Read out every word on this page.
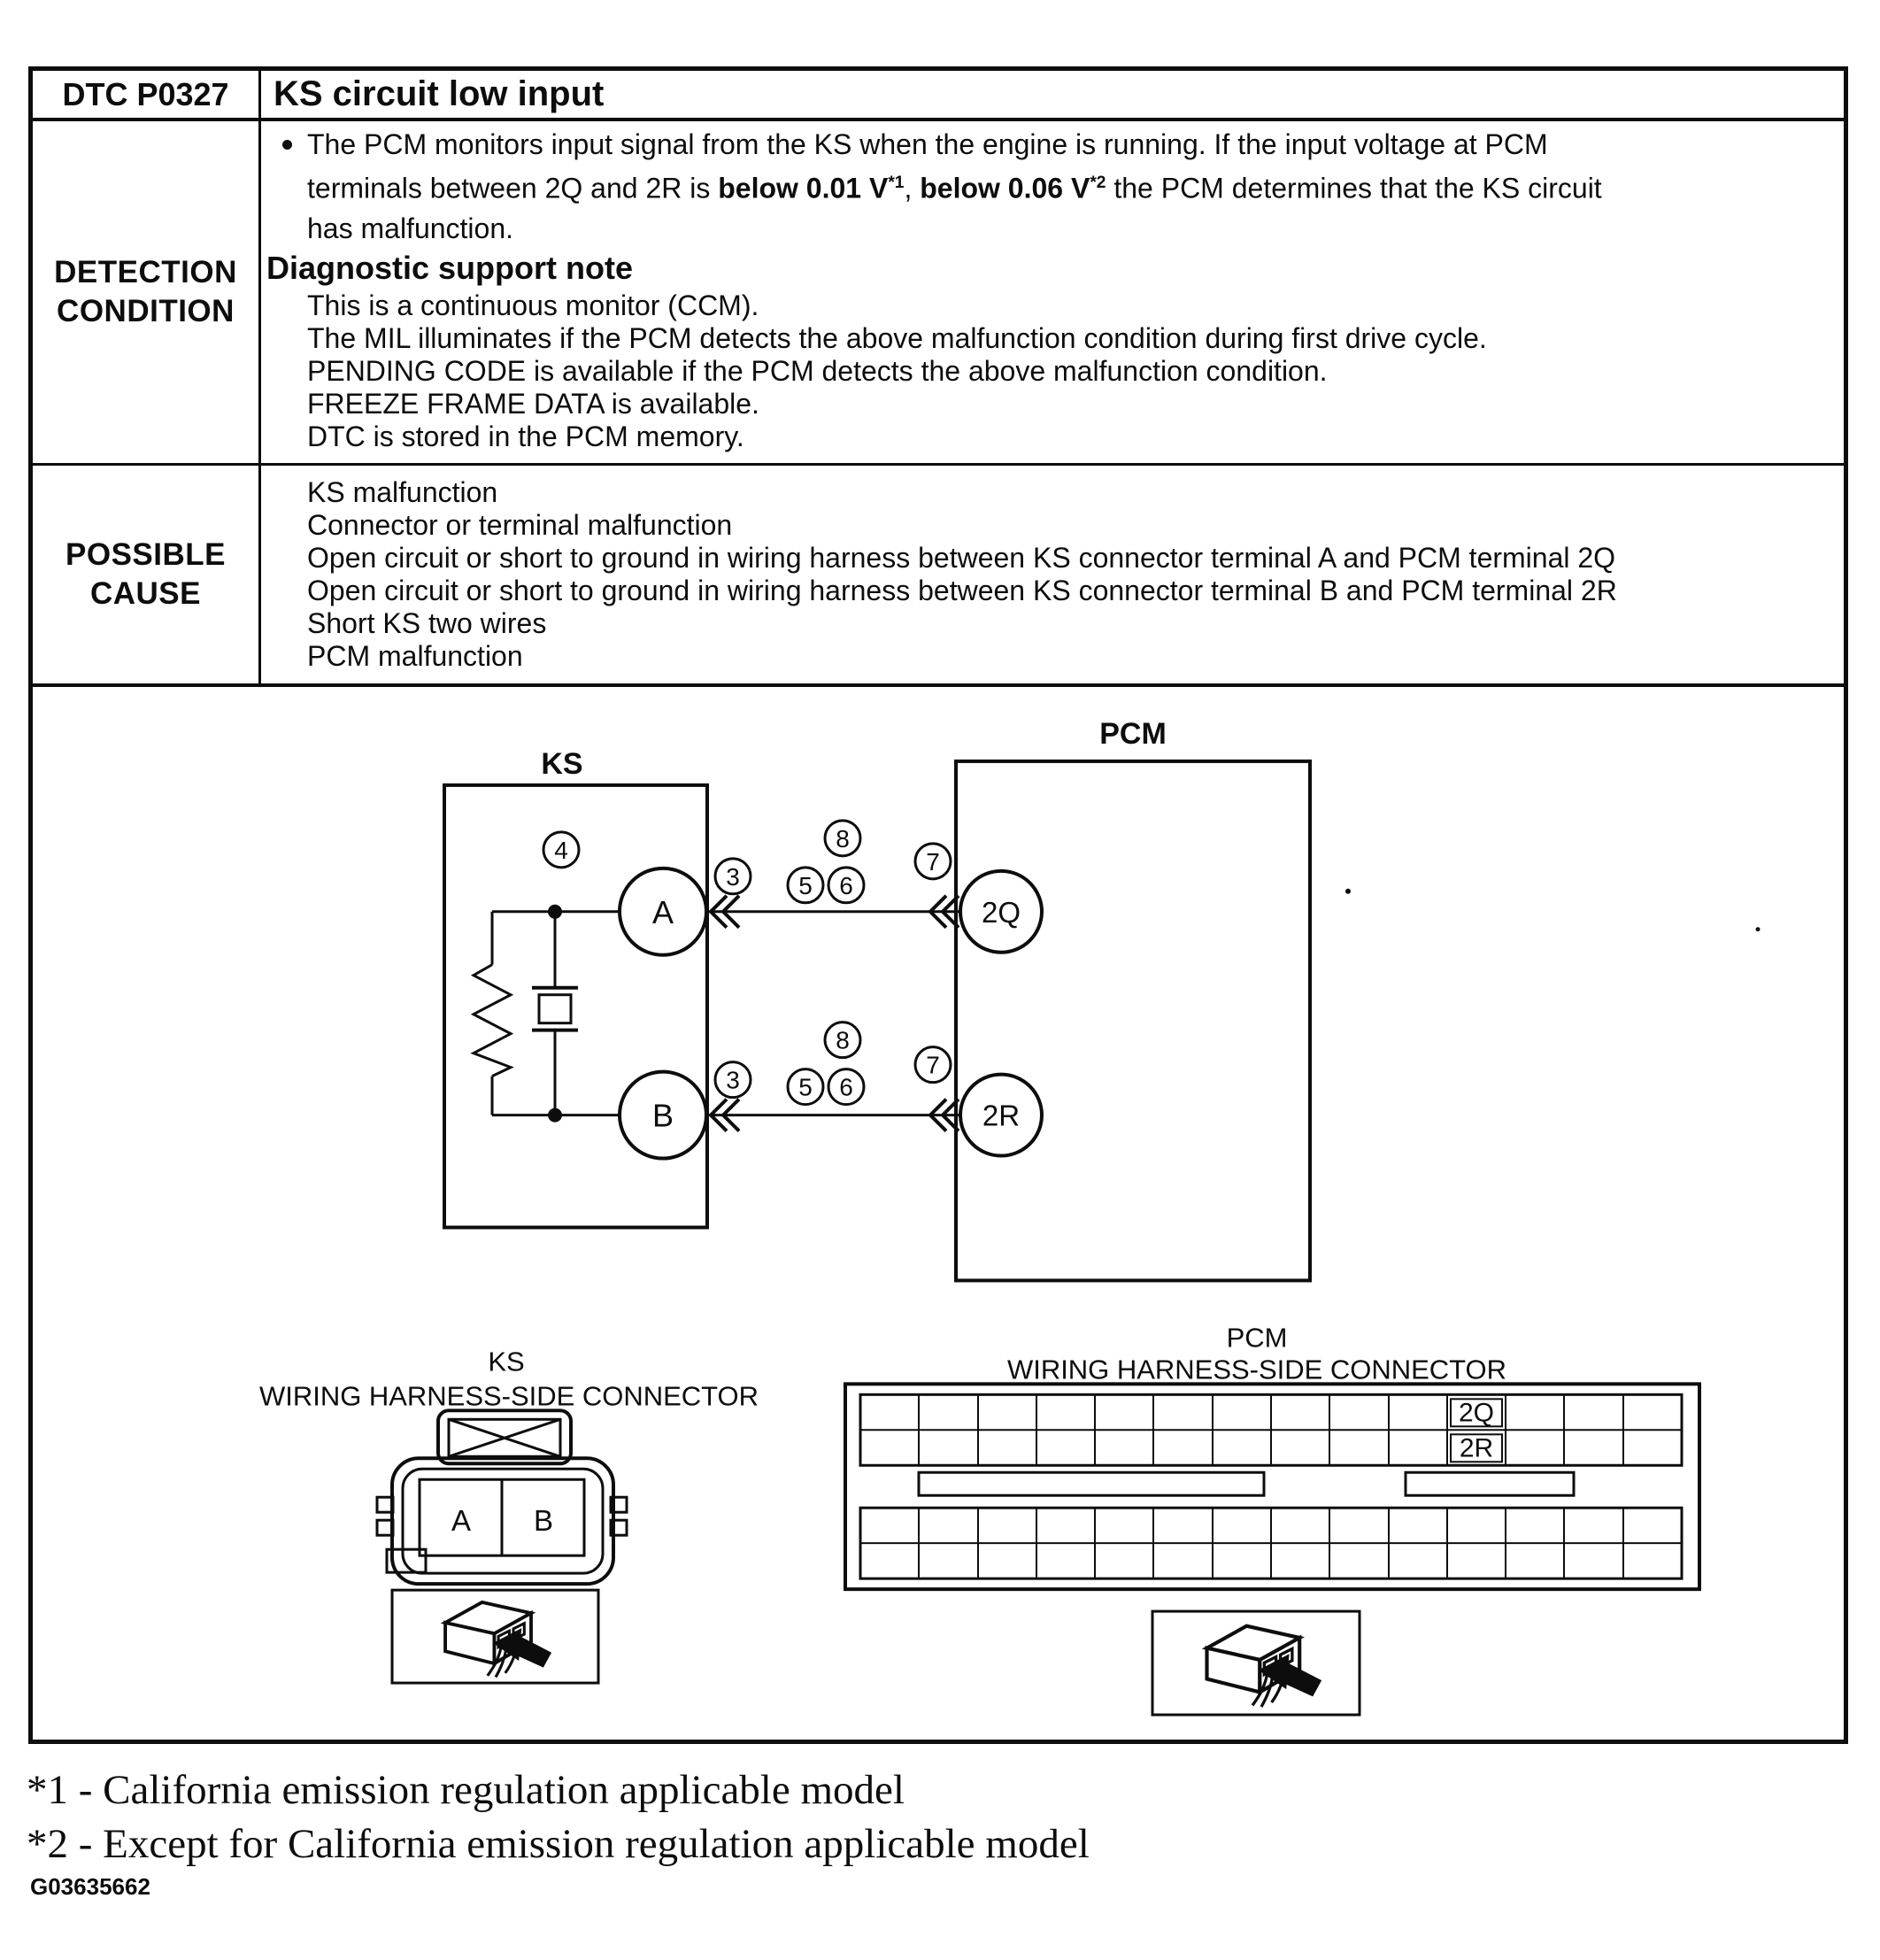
DTC P0327	KS circuit low input
DETECTION
CONDITION
The PCM monitors input signal from the KS when the engine is running. If the input voltage at PCM
terminals between 2Q and 2R is below 0.01 V$^{*1}$, below 0.06 V$^{*2}$ the PCM determines that the KS circuit
has malfunction.
Diagnostic support note
This is a continuous monitor (CCM).
The MIL illuminates if the PCM detects the above malfunction condition during first drive cycle.
PENDING CODE is available if the PCM detects the above malfunction condition.
FREEZE FRAME DATA is available.
DTC is stored in the PCM memory.
POSSIBLE
CAUSE
KS malfunction
Connector or terminal malfunction
Open circuit or short to ground in wiring harness between KS connector terminal A and PCM terminal 2Q
Open circuit or short to ground in wiring harness between KS connector terminal B and PCM terminal 2R
Short KS two wires
PCM malfunction
KS
PCM
A
B
2Q
2R
4
3 5 6
8
7
3 5 6
8
7
KS
WIRING HARNESS-SIDE CONNECTOR
A B
PCM
WIRING HARNESS-SIDE CONNECTOR
2Q
2R
*1 - California emission regulation applicable model
*2 - Except for California emission regulation applicable model
G03635662
